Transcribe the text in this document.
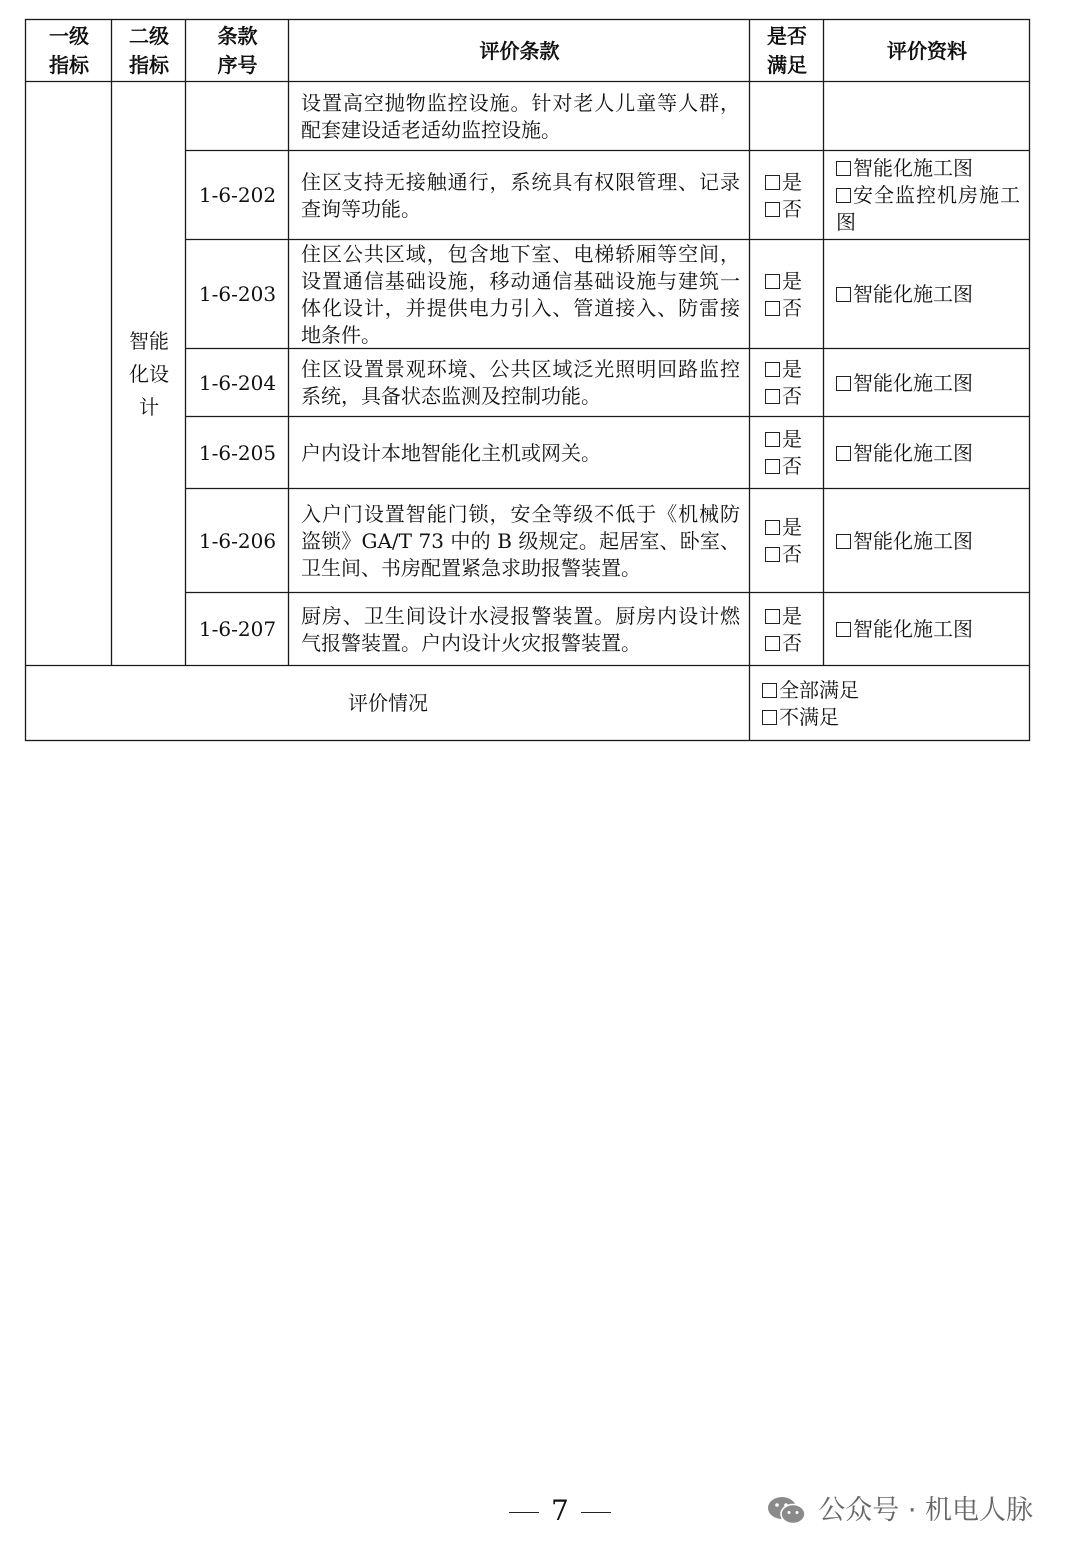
一级
指标
二级
指标
条款
序号
评价条款
是否
满足
评价资料
智能
化设
计
设置高空抛物监控设施。针对老人儿童等人群，配套建设适老适幼监控设施。
1-6-202
住区支持无接触通行，系统具有权限管理、记录查询等功能。
是
否
智能化施工图
安全监控机房施工图
1-6-203
住区公共区域，包含地下室、电梯轿厢等空间，设置通信基础设施，移动通信基础设施与建筑一体化设计，并提供电力引入、管道接入、防雷接地条件。
是
否
智能化施工图
1-6-204
住区设置景观环境、公共区域泛光照明回路监控系统，具备状态监测及控制功能。
是
否
智能化施工图
1-6-205 户内设计本地智能化主机或网关。
是
否
智能化施工图
1-6-206
入户门设置智能门锁，安全等级不低于《机械防盗锁》GA/T 73 中的 B 级规定。起居室、卧室、卫生间、书房配置紧急求助报警装置。
是
否
智能化施工图
1-6-207
厨房、卫生间设计水浸报警装置。厨房内设计燃气报警装置。户内设计火灾报警装置。
是
否
智能化施工图
评价情况
全部满足
不满足
7	公众号 · 机电人脉
